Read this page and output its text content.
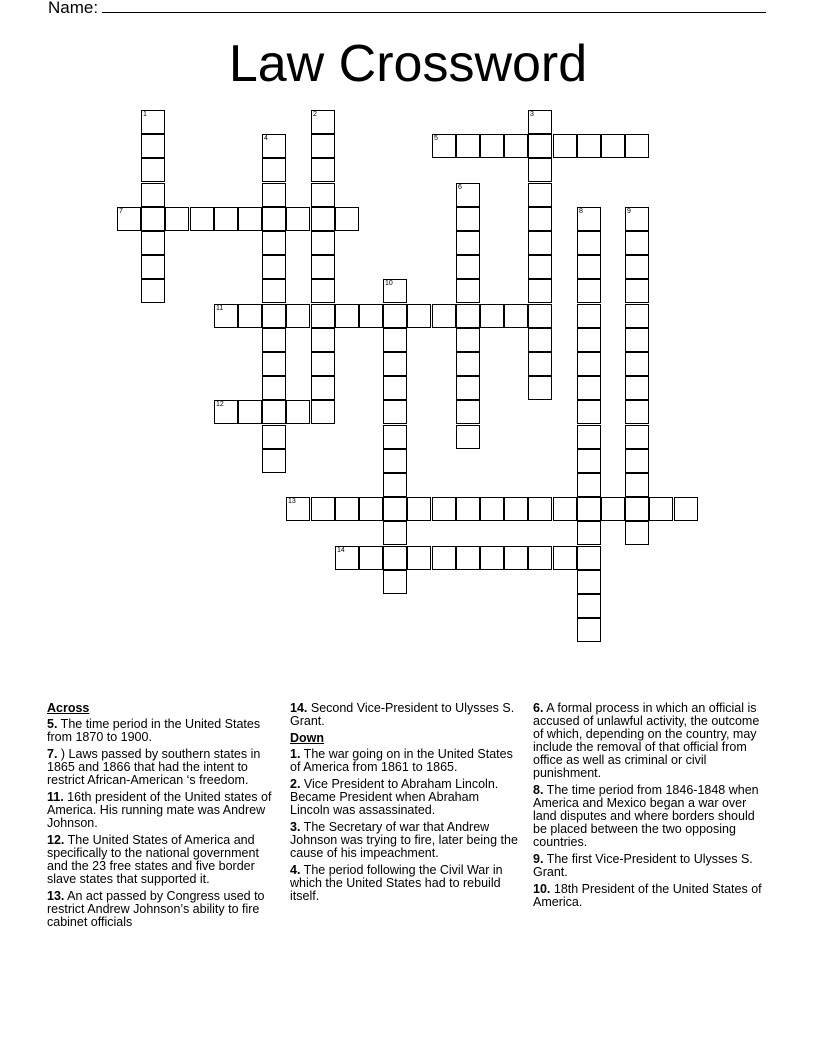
Name:
Law Crossword
1	2	3
4	5
6
7	8	9
10
11
12
13
14
Across
5. The time period in the United States from 1870 to 1900.
7. ) Laws passed by southern states in 1865 and 1866 that had the intent to restrict African-American ‘s freedom.
11. 16th president of the United states of America. His running mate was Andrew Johnson.
12. The United States of America and specifically to the national government and the 23 free states and five border slave states that supported it.
13. An act passed by Congress used to restrict Andrew Johnson’s ability to fire cabinet officials
14. Second Vice-President to Ulysses S. Grant.
Down
1. The war going on in the United States of America from 1861 to 1865.
2. Vice President to Abraham Lincoln. Became President when Abraham Lincoln was assassinated.
3. The Secretary of war that Andrew Johnson was trying to fire, later being the cause of his impeachment.
4. The period following the Civil War in which the United States had to rebuild itself.
6. A formal process in which an official is accused of unlawful activity, the outcome of which, depending on the country, may include the removal of that official from office as well as criminal or civil punishment.
8. The time period from 1846-1848 when America and Mexico began a war over land disputes and where borders should be placed between the two opposing countries.
9. The first Vice-President to Ulysses S. Grant.
10. 18th President of the United States of America.
